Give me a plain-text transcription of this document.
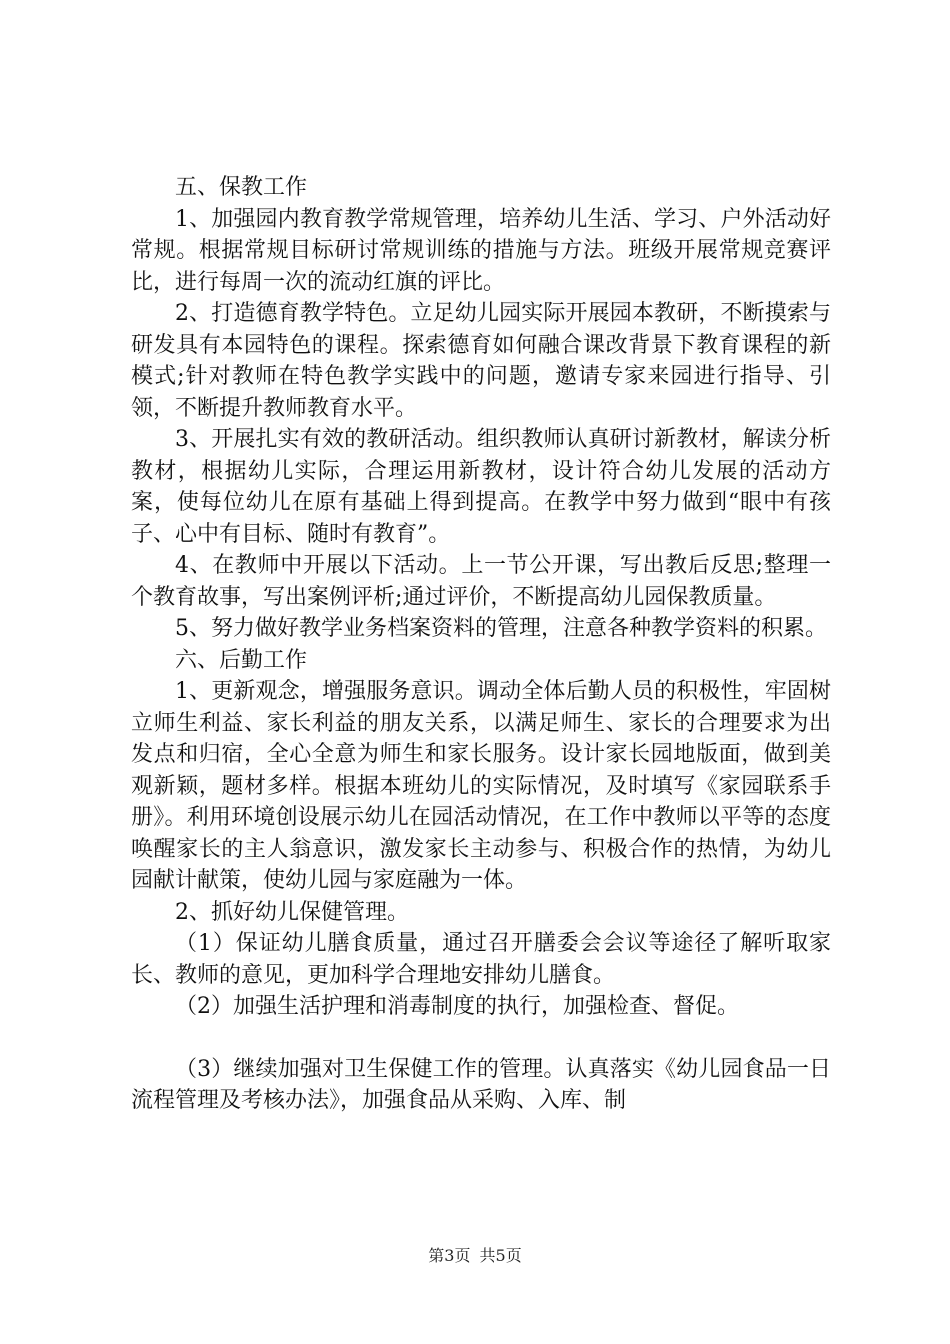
五、保教工作

1、加强园内教育教学常规管理，培养幼儿生活、学习、户外活动好常规。根据常规目标研讨常规训练的措施与方法。班级开展常规竞赛评比，进行每周一次的流动红旗的评比。

2、打造德育教学特色。立足幼儿园实际开展园本教研，不断摸索与研发具有本园特色的课程。探索德育如何融合课改背景下教育课程的新模式;针对教师在特色教学实践中的问题，邀请专家来园进行指导、引领，不断提升教师教育水平。

3、开展扎实有效的教研活动。组织教师认真研讨新教材，解读分析教材，根据幼儿实际，合理运用新教材，设计符合幼儿发展的活动方案，使每位幼儿在原有基础上得到提高。在教学中努力做到“眼中有孩子、心中有目标、随时有教育”。

4、在教师中开展以下活动。上一节公开课，写出教后反思;整理一个教育故事，写出案例评析;通过评价，不断提高幼儿园保教质量。

5、努力做好教学业务档案资料的管理，注意各种教学资料的积累。

六、后勤工作

1、更新观念，增强服务意识。调动全体后勤人员的积极性，牢固树立师生利益、家长利益的朋友关系，以满足师生、家长的合理要求为出发点和归宿，全心全意为师生和家长服务。设计家长园地版面，做到美观新颖，题材多样。根据本班幼儿的实际情况，及时填写《家园联系手册》。利用环境创设展示幼儿在园活动情况，在工作中教师以平等的态度唤醒家长的主人翁意识，激发家长主动参与、积极合作的热情，为幼儿园献计献策，使幼儿园与家庭融为一体。

2、抓好幼儿保健管理。

（1）保证幼儿膳食质量，通过召开膳委会会议等途径了解听取家长、教师的意见，更加科学合理地安排幼儿膳食。

（2）加强生活护理和消毒制度的执行，加强检查、督促。

（3）继续加强对卫生保健工作的管理。认真落实《幼儿园食品一日流程管理及考核办法》，加强食品从采购、入库、制

第3页 共5页
